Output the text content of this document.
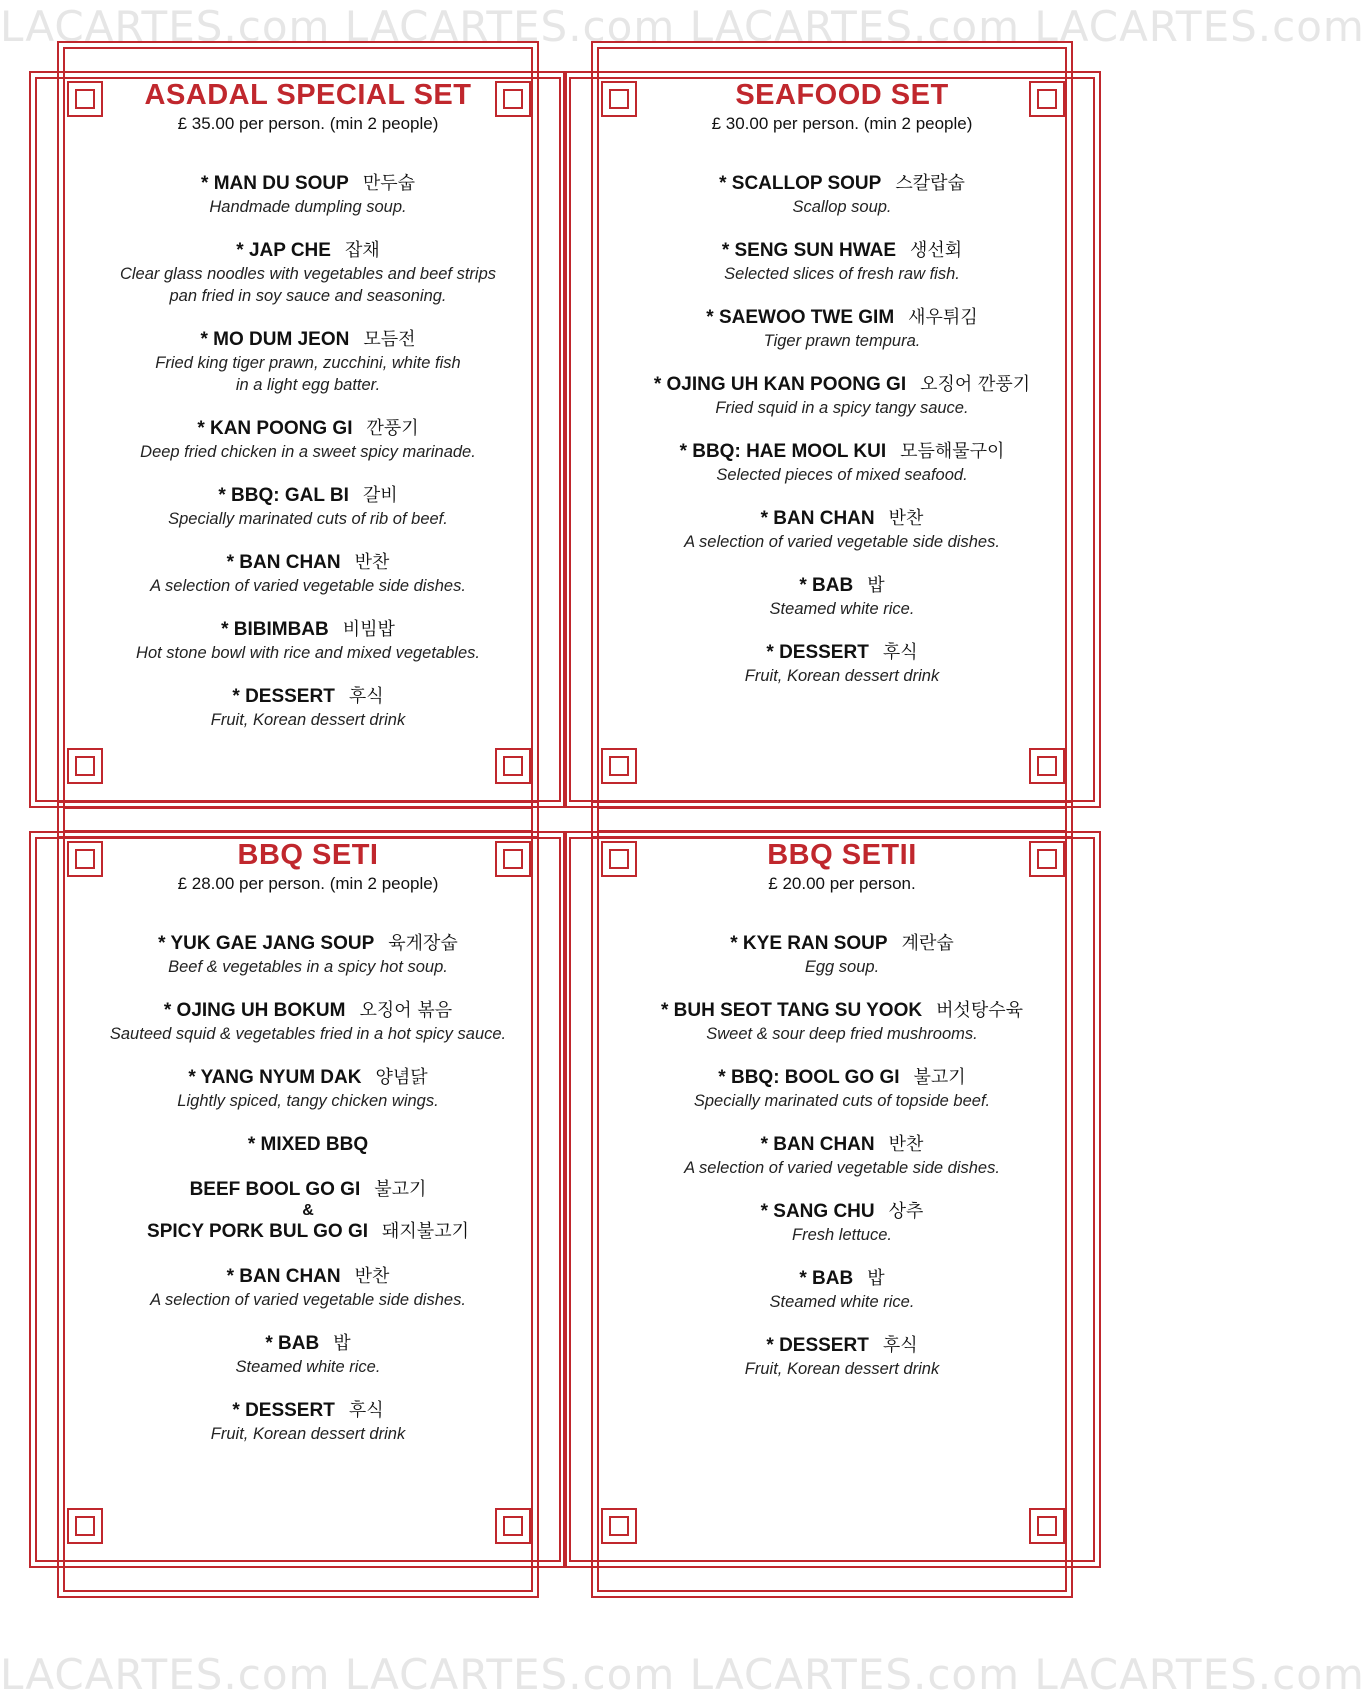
LACARTES.com LACARTES.com LACARTES.com LACARTES.com
LACARTES.com LACARTES.com LACARTES.com LACARTES.com
ASADAL SPECIAL SET
£ 35.00 per person. (min 2 people)
* MAN DU SOUP 만두숩
Handmade dumpling soup.
* JAP CHE 잡채
Clear glass noodles with vegetables and beef strips
pan fried in soy sauce and seasoning.
* MO DUM JEON 모듬전
Fried king tiger prawn, zucchini, white fish
in a light egg batter.
* KAN POONG GI 깐풍기
Deep fried chicken in a sweet spicy marinade.
* BBQ: GAL BI 갈비
Specially marinated cuts of rib of beef.
* BAN CHAN 반찬
A selection of varied vegetable side dishes.
* BIBIMBAB 비빔밥
Hot stone bowl with rice and mixed vegetables.
* DESSERT 후식
Fruit, Korean dessert drink
SEAFOOD SET
£ 30.00 per person. (min 2 people)
* SCALLOP SOUP 스칼랍숩
Scallop soup.
* SENG SUN HWAE 생선회
Selected slices of fresh raw fish.
* SAEWOO TWE GIM 새우튀김
Tiger prawn tempura.
* OJING UH KAN POONG GI 오징어 깐풍기
Fried squid in a spicy tangy sauce.
* BBQ: HAE MOOL KUI 모듬해물구이
Selected pieces of mixed seafood.
* BAN CHAN 반찬
A selection of varied vegetable side dishes.
* BAB 밥
Steamed white rice.
* DESSERT 후식
Fruit, Korean dessert drink
BBQ SETI
£ 28.00 per person. (min 2 people)
* YUK GAE JANG SOUP 육게장숩
Beef & vegetables in a spicy hot soup.
* OJING UH BOKUM 오징어 볶음
Sauteed squid & vegetables fried in a hot spicy sauce.
* YANG NYUM DAK 양념닭
Lightly spiced, tangy chicken wings.
* MIXED BBQ
BEEF BOOL GO GI 불고기
&
SPICY PORK BUL GO GI 돼지불고기
* BAN CHAN 반찬
A selection of varied vegetable side dishes.
* BAB 밥
Steamed white rice.
* DESSERT 후식
Fruit, Korean dessert drink
BBQ SETII
£ 20.00 per person.
* KYE RAN SOUP 계란숩
Egg soup.
* BUH SEOT TANG SU YOOK 버섯탕수육
Sweet & sour deep fried mushrooms.
* BBQ: BOOL GO GI 불고기
Specially marinated cuts of topside beef.
* BAN CHAN 반찬
A selection of varied vegetable side dishes.
* SANG CHU 상추
Fresh lettuce.
* BAB 밥
Steamed white rice.
* DESSERT 후식
Fruit, Korean dessert drink
